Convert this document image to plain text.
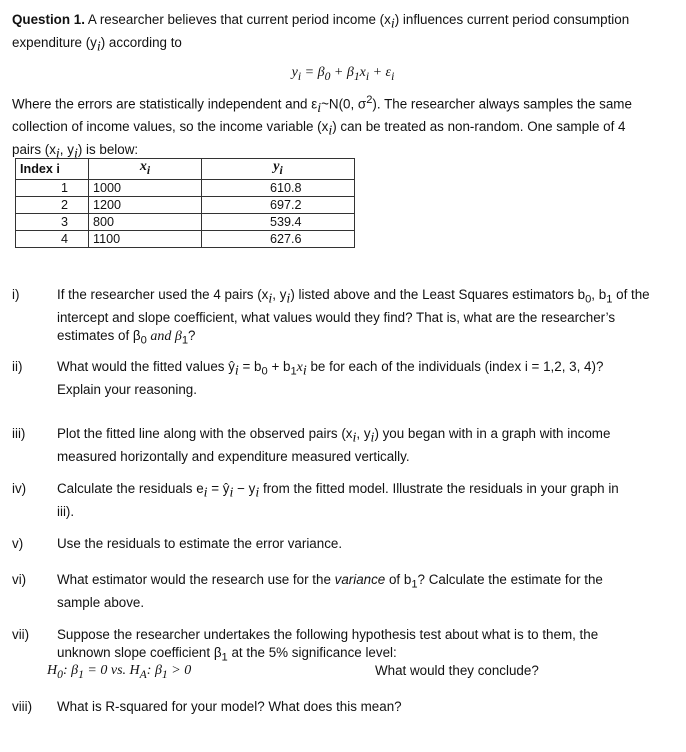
Question 1. A researcher believes that current period income $(x_i)$ influences current period consumption
expenditure $(y_i)$ according to
$y_i = \beta_0 + \beta_1x_i + \varepsilon_i$
Where the errors are statistically independent and $\varepsilon_i\sim N(0$, $\sigma^2$). The researcher always samples the same
collection of income values, so the income variable $(x_i)$ can be treated as non-random. One sample of 4
pairs ($x_i$, $y_i$) is below:
Index i	$x_i$	$y_i$
1	1000	610.8
2	1200	697.2
3	800	539.4
4	1100	627.6
i)	If the researcher used the 4 pairs ($x_i$, $y_i$) listed above and the Least Squares estimators $b_0$, $b_1$ of the
intercept and slope coefficient, what values would they find? That is, what are the researcher’s
estimates of $\beta_0$ and $\beta_1$?
ii)	What would the fitted values $ŷ_i = b_0 + b_1x_i$ be for each of the individuals (index i = 1,2, 3, 4)?
Explain your reasoning.
iii)	Plot the fitted line along with the observed pairs ($x_i$, $y_i$) you began with in a graph with income
measured horizontally and expenditure measured vertically.
iv)	Calculate the residuals $e_i$ = $ŷ_i - y_i$ from the fitted model. Illustrate the residuals in your graph in
iii).
v)	Use the residuals to estimate the error variance.
vi)	What estimator would the research use for the variance of $b_1$? Calculate the estimate for the
sample above.
vii)	Suppose the researcher undertakes the following hypothesis test about what is to them, the
unknown slope coefficient $\beta_1$ at the 5% significance level:
$H_0$: $\beta_1 = 0$ vs. $H_A$: $\beta_1 > 0$	What would they conclude?
viii)	What is R-squared for your model? What does this mean?
